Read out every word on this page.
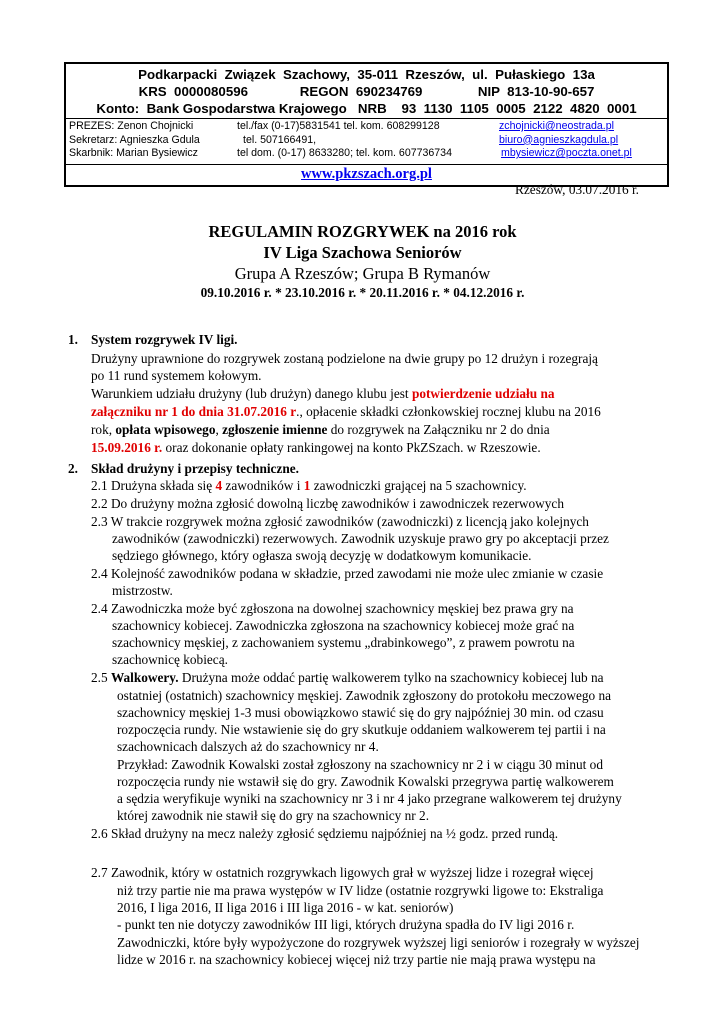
Podkarpacki  Związek  Szachowy,  35-011  Rzeszów,  ul.  Pułaskiego  13a
KRS  0000080596              REGON  690234769               NIP  813-10-90-657
Konto:  Bank Gospodarstwa Krajowego   NRB    93  1130  1105  0005  2122  4820  0001
PREZES: Zenon Chojnicki	tel./fax (0-17)5831541 tel. kom. 608299128	zchojnicki@neostrada.pl
Sekretarz: Agnieszka Gdula	tel. 507166491,	biuro@agnieszkagdula.pl
Skarbnik: Marian Bysiewicz	tel dom. (0-17) 8633280; tel. kom. 607736734	mbysiewicz@poczta.onet.pl
www.pkzszach.org.pl
Rzeszów, 03.07.2016 r.
REGULAMIN ROZGRYWEK na 2016 rok
IV Liga Szachowa Seniorów
Grupa A Rzeszów; Grupa B Rymanów
09.10.2016 r. * 23.10.2016 r. * 20.11.2016 r. * 04.12.2016 r.
1. System rozgrywek IV ligi.
Drużyny uprawnione do rozgrywek zostaną podzielone na dwie grupy po 12 drużyn i rozegrają
po 11 rund systemem kołowym.
Warunkiem udziału drużyny (lub drużyn) danego klubu jest potwierdzenie udziału na
załączniku nr 1 do dnia 31.07.2016 r., opłacenie składki członkowskiej rocznej klubu na 2016
rok, opłata wpisowego, zgłoszenie imienne do rozgrywek na Załączniku nr 2 do dnia
15.09.2016 r. oraz dokonanie opłaty rankingowej na konto PkZSzach. w Rzeszowie.
2. Skład drużyny i przepisy techniczne.
2.1 Drużyna składa się 4 zawodników i 1 zawodniczki grającej na 5 szachownicy.
2.2 Do drużyny można zgłosić dowolną liczbę zawodników i zawodniczek rezerwowych
2.3 W trakcie rozgrywek można zgłosić zawodników (zawodniczki) z licencją jako kolejnych
zawodników (zawodniczki) rezerwowych. Zawodnik uzyskuje prawo gry po akceptacji przez
sędziego głównego, który ogłasza swoją decyzję w dodatkowym komunikacie.
2.4 Kolejność zawodników podana w składzie, przed zawodami nie może ulec zmianie w czasie
mistrzostw.
2.4 Zawodniczka może być zgłoszona na dowolnej szachownicy męskiej bez prawa gry na
szachownicy kobiecej. Zawodniczka zgłoszona na szachownicy kobiecej może grać na
szachownicy męskiej, z zachowaniem systemu „drabinkowego”, z prawem powrotu na
szachownicę kobiecą.
2.5 Walkowery. Drużyna może oddać partię walkowerem tylko na szachownicy kobiecej lub na
ostatniej (ostatnich) szachownicy męskiej. Zawodnik zgłoszony do protokołu meczowego na
szachownicy męskiej 1-3 musi obowiązkowo stawić się do gry najpóźniej 30 min. od czasu
rozpoczęcia rundy. Nie wstawienie się do gry skutkuje oddaniem walkowerem tej partii i na
szachownicach dalszych aż do szachownicy nr 4.
Przykład: Zawodnik Kowalski został zgłoszony na szachownicy nr 2 i w ciągu 30 minut od
rozpoczęcia rundy nie wstawił się do gry. Zawodnik Kowalski przegrywa partię walkowerem
a sędzia weryfikuje wyniki na szachownicy nr 3 i nr 4 jako przegrane walkowerem tej drużyny
której zawodnik nie stawił się do gry na szachownicy nr 2.
2.6 Skład drużyny na mecz należy zgłosić sędziemu najpóźniej na ½ godz. przed rundą.
2.7 Zawodnik, który w ostatnich rozgrywkach ligowych grał w wyższej lidze i rozegrał więcej
niż trzy partie nie ma prawa występów w IV lidze (ostatnie rozgrywki ligowe to: Ekstraliga
2016, I liga 2016, II liga 2016 i III liga 2016 - w kat. seniorów)
- punkt ten nie dotyczy zawodników III ligi, których drużyna spadła do IV ligi 2016 r.
Zawodniczki, które były wypożyczone do rozgrywek wyższej ligi seniorów i rozegrały w wyższej
lidze w 2016 r. na szachownicy kobiecej więcej niż trzy partie nie mają prawa występu na
